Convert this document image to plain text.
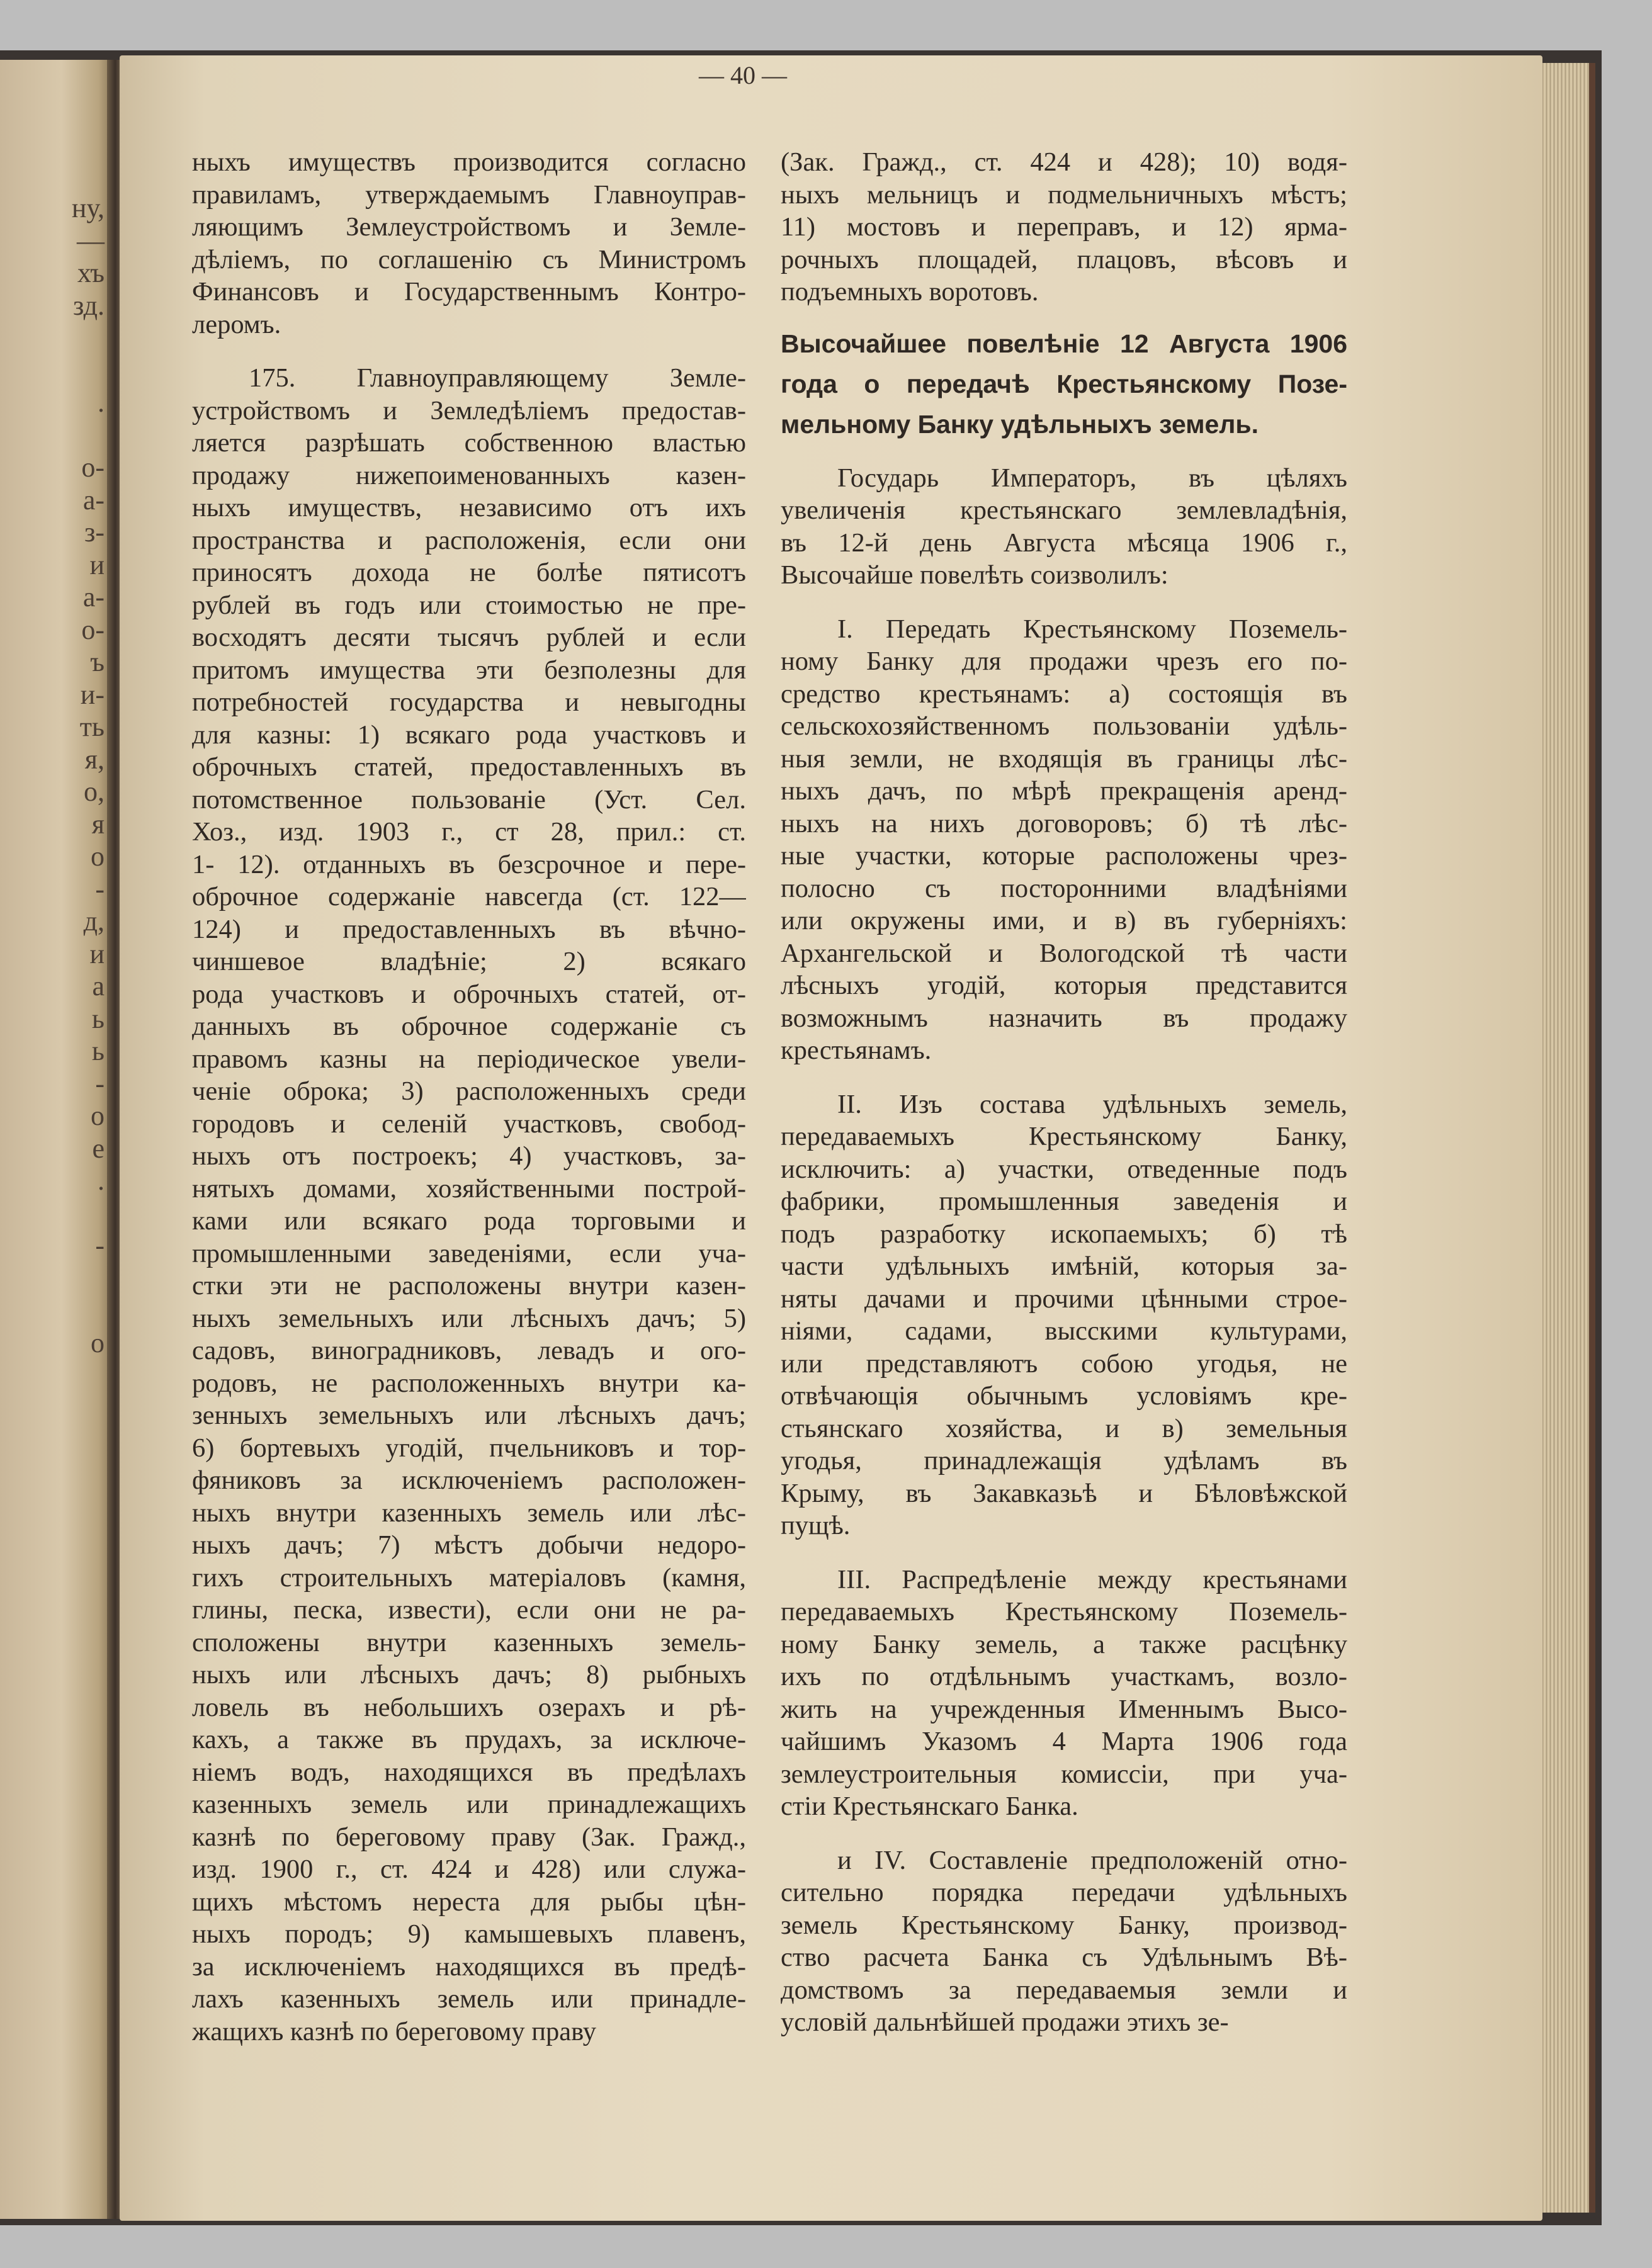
ну,
—
хъ
зд.

.

о-
а-
з-
и
а-
о-
ъ
и-
ть
я,
о,
я
о
-
д,
и
а
ь
ь
-
о
е
.

-

о
— 40 —
ныхъ имуществъ производится согласно
правиламъ, утверждаемымъ Главноуправ-
ляющимъ Землеустройствомъ и Земле-
дѣліемъ, по соглашенію съ Министромъ
Финансовъ и Государственнымъ Контро-
леромъ.
175. Главноуправляющему Земле-
устройствомъ и Земледѣліемъ предостав-
ляется разрѣшать собственною властью
продажу нижепоименованныхъ казен-
ныхъ имуществъ, независимо отъ ихъ
пространства и расположенія, если они
приносятъ дохода не болѣе пятисотъ
рублей въ годъ или стоимостью не пре-
восходятъ десяти тысячъ рублей и если
притомъ имущества эти безполезны для
потребностей государства и невыгодны
для казны: 1) всякаго рода участковъ и
оброчныхъ статей, предоставленныхъ въ
потомственное пользованіе (Уст. Сел.
Хоз., изд. 1903 г., ст 28, прил.: ст.
1- 12). отданныхъ въ безсрочное и пере-
оброчное содержаніе навсегда (ст. 122—
124) и предоставленныхъ въ вѣчно-
чиншевое владѣніе; 2) всякаго
рода участковъ и оброчныхъ статей, от-
данныхъ въ оброчное содержаніе съ
правомъ казны на періодическое увели-
ченіе оброка; 3) расположенныхъ среди
городовъ и селеній участковъ, свобод-
ныхъ отъ построекъ; 4) участковъ, за-
нятыхъ домами, хозяйственными построй-
ками или всякаго рода торговыми и
промышленными заведеніями, если уча-
стки эти не расположены внутри казен-
ныхъ земельныхъ или лѣсныхъ дачъ; 5)
садовъ, виноградниковъ, левадъ и ого-
родовъ, не расположенныхъ внутри ка-
зенныхъ земельныхъ или лѣсныхъ дачъ;
6) бортевыхъ угодій, пчельниковъ и тор-
фяниковъ за исключеніемъ расположен-
ныхъ внутри казенныхъ земель или лѣс-
ныхъ дачъ; 7) мѣстъ добычи недоро-
гихъ строительныхъ матеріаловъ (камня,
глины, песка, извести), если они не ра-
сположены внутри казенныхъ земель-
ныхъ или лѣсныхъ дачъ; 8) рыбныхъ
ловель въ небольшихъ озерахъ и рѣ-
кахъ, а также въ прудахъ, за исключе-
ніемъ водъ, находящихся въ предѣлахъ
казенныхъ земель или принадлежащихъ
казнѣ по береговому праву (Зак. Гражд.,
изд. 1900 г., ст. 424 и 428) или служа-
щихъ мѣстомъ нереста для рыбы цѣн-
ныхъ породъ; 9) камышевыхъ плавенъ,
за исключеніемъ находящихся въ предѣ-
лахъ казенныхъ земель или принадле-
жащихъ казнѣ по береговому праву
(Зак. Гражд., ст. 424 и 428); 10) водя-
ныхъ мельницъ и подмельничныхъ мѣстъ;
11) мостовъ и переправъ, и 12) ярма-
рочныхъ площадей, плацовъ, вѣсовъ и
подъемныхъ воротовъ.
Высочайшее повелѣніе 12 Августа 1906
года о передачѣ Крестьянскому Позе-
мельному Банку удѣльныхъ земель.
Государь Императоръ, въ цѣляхъ
увеличенія крестьянскаго землевладѣнія,
въ 12-й день Августа мѣсяца 1906 г.,
Высочайше повелѣть соизволилъ:
I. Передать Крестьянскому Поземель-
ному Банку для продажи чрезъ его по-
средство крестьянамъ: а) состоящія въ
сельскохозяйственномъ пользованіи удѣль-
ныя земли, не входящія въ границы лѣс-
ныхъ дачъ, по мѣрѣ прекращенія аренд-
ныхъ на нихъ договоровъ; б) тѣ лѣс-
ные участки, которые расположены чрез-
полосно съ посторонними владѣніями
или окружены ими, и в) въ губерніяхъ:
Архангельской и Вологодской тѣ части
лѣсныхъ угодій, которыя представится
возможнымъ назначить въ продажу
крестьянамъ.
II. Изъ состава удѣльныхъ земель,
передаваемыхъ Крестьянскому Банку,
исключить: а) участки, отведенные подъ
фабрики, промышленныя заведенія и
подъ разработку ископаемыхъ; б) тѣ
части удѣльныхъ имѣній, которыя за-
няты дачами и прочими цѣнными строе-
ніями, садами, высскими культурами,
или представляютъ собою угодья, не
отвѣчающія обычнымъ условіямъ кре-
стьянскаго хозяйства, и в) земельныя
угодья, принадлежащія удѣламъ въ
Крыму, въ Закавказьѣ и Бѣловѣжской
пущѣ.
III. Распредѣленіе между крестьянами
передаваемыхъ Крестьянскому Поземель-
ному Банку земель, а также расцѣнку
ихъ по отдѣльнымъ участкамъ, возло-
жить на учрежденныя Именнымъ Высо-
чайшимъ Указомъ 4 Марта 1906 года
землеустроительныя комиссіи, при уча-
стіи Крестьянскаго Банка.
и IV. Составленіе предположеній отно-
сительно порядка передачи удѣльныхъ
земель Крестьянскому Банку, производ-
ство расчета Банка съ Удѣльнымъ Вѣ-
домствомъ за передаваемыя земли и
условій дальнѣйшей продажи этихъ зе-
